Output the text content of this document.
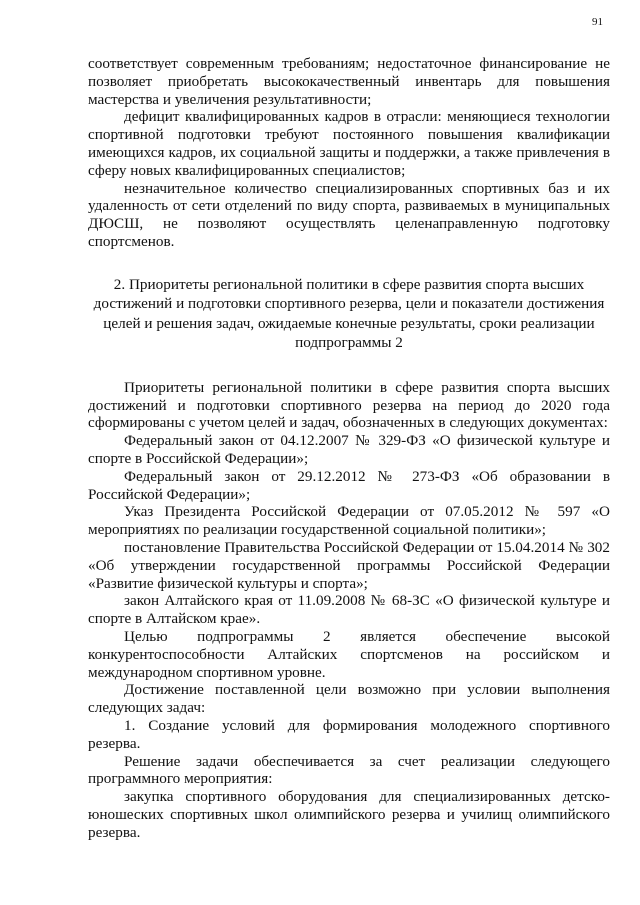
91

соответствует современным требованиям; недостаточное финансирование не позволяет приобретать высококачественный инвентарь для повышения мастерства и увеличения результативности;

дефицит квалифицированных кадров в отрасли: меняющиеся технологии спортивной подготовки требуют постоянного повышения квалификации имеющихся кадров, их социальной защиты и поддержки, а также привлечения в сферу новых квалифицированных специалистов;

незначительное количество специализированных спортивных баз и их удаленность от сети отделений по виду спорта, развиваемых в муниципальных ДЮСШ, не позволяют осуществлять целенаправленную подготовку спортсменов.

2. Приоритеты региональной политики в сфере развития спорта высших достижений и подготовки спортивного резерва, цели и показатели достижения целей и решения задач, ожидаемые конечные результаты, сроки реализации подпрограммы 2

Приоритеты региональной политики в сфере развития спорта высших достижений и подготовки спортивного резерва на период до 2020 года сформированы с учетом целей и задач, обозначенных в следующих документах:

Федеральный закон от 04.12.2007 № 329-ФЗ «О физической культуре и спорте в Российской Федерации»;

Федеральный закон от 29.12.2012 № 273-ФЗ «Об образовании в Российской Федерации»;

Указ Президента Российской Федерации от 07.05.2012 № 597 «О мероприятиях по реализации государственной социальной политики»;

постановление Правительства Российской Федерации от 15.04.2014 № 302 «Об утверждении государственной программы Российской Федерации «Развитие физической культуры и спорта»;

закон Алтайского края от 11.09.2008 № 68-ЗС «О физической культуре и спорте в Алтайском крае».

Целью подпрограммы 2 является обеспечение высокой конкурентоспособности Алтайских спортсменов на российском и международном спортивном уровне.

Достижение поставленной цели возможно при условии выполнения следующих задач:

1. Создание условий для формирования молодежного спортивного резерва.

Решение задачи обеспечивается за счет реализации следующего программного мероприятия:

закупка спортивного оборудования для специализированных детско-юношеских спортивных школ олимпийского резерва и училищ олимпийского резерва.
